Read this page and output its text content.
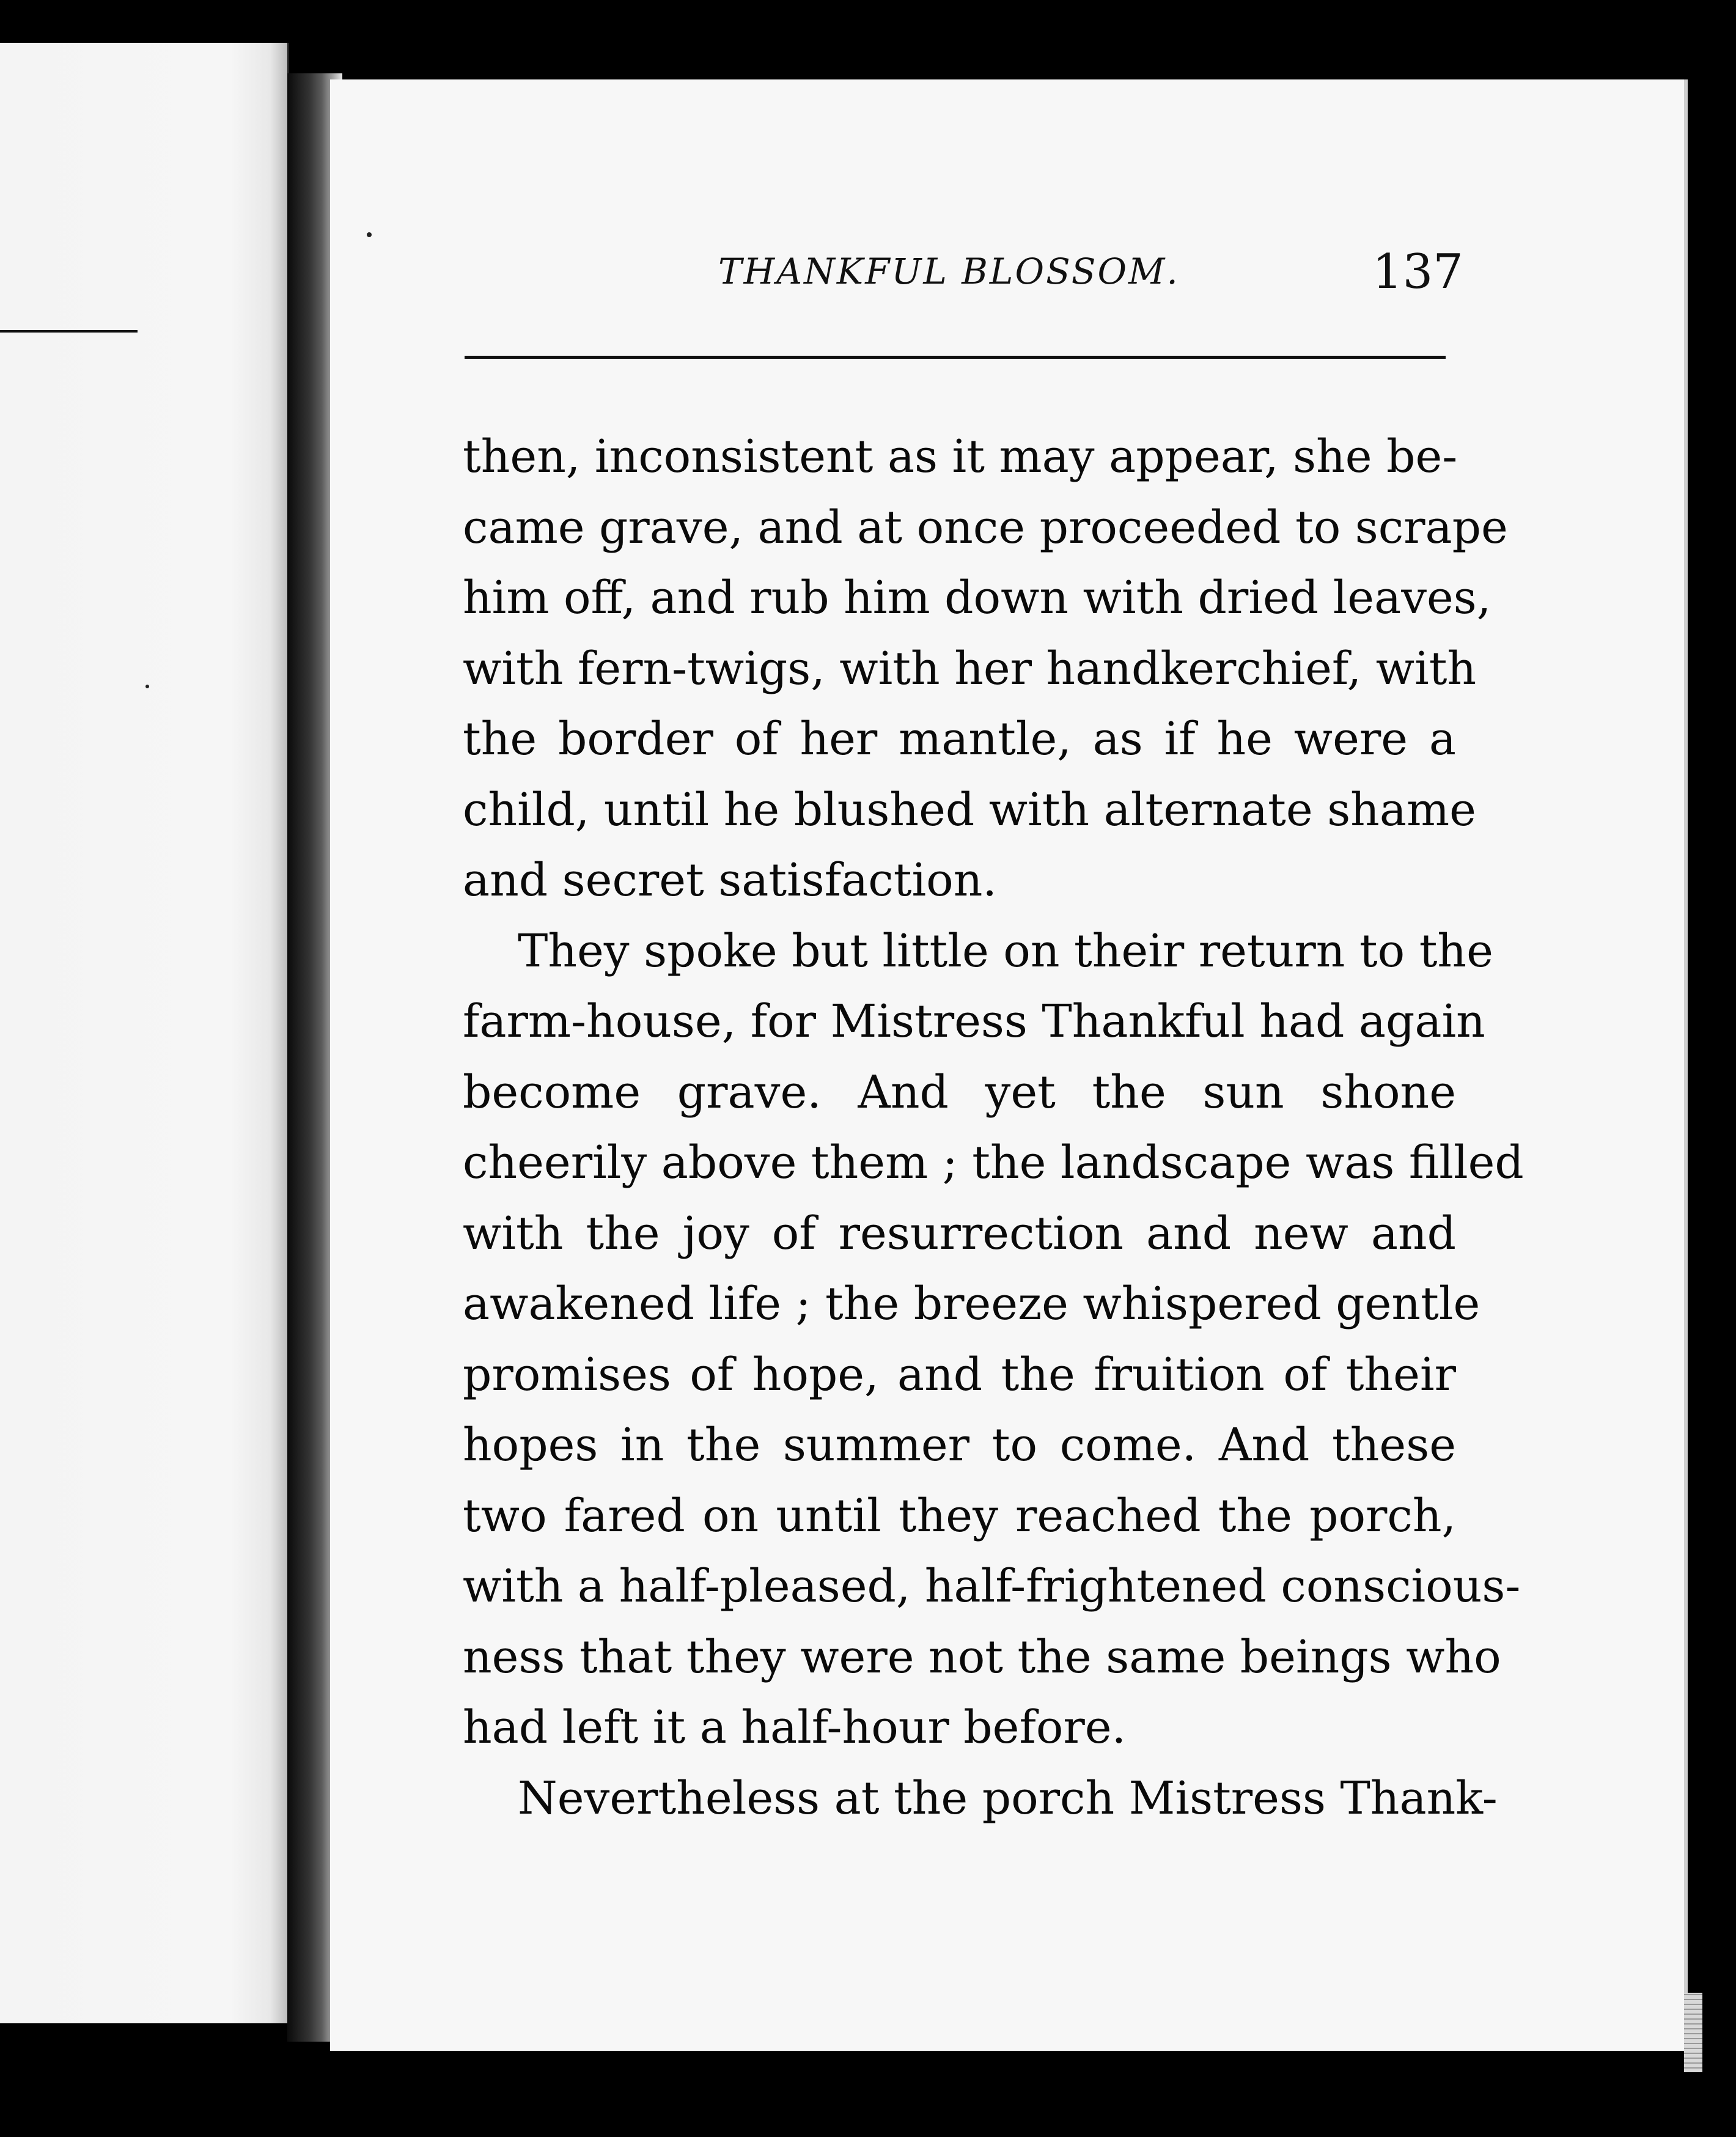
THANKFUL BLOSSOM.	137
then, inconsistent as it may appear, she be-
came grave, and at once proceeded to scrape
him off, and rub him down with dried leaves,
with fern-twigs, with her handkerchief, with
the border of her mantle, as if he were a
child, until he blushed with alternate shame
and secret satisfaction.
They spoke but little on their return to the
farm-house, for Mistress Thankful had again
become grave. And yet the sun shone
cheerily above them ; the landscape was filled
with the joy of resurrection and new and
awakened life ; the breeze whispered gentle
promises of hope, and the fruition of their
hopes in the summer to come. And these
two fared on until they reached the porch,
with a half-pleased, half-frightened conscious-
ness that they were not the same beings who
had left it a half-hour before.
Nevertheless at the porch Mistress Thank-
